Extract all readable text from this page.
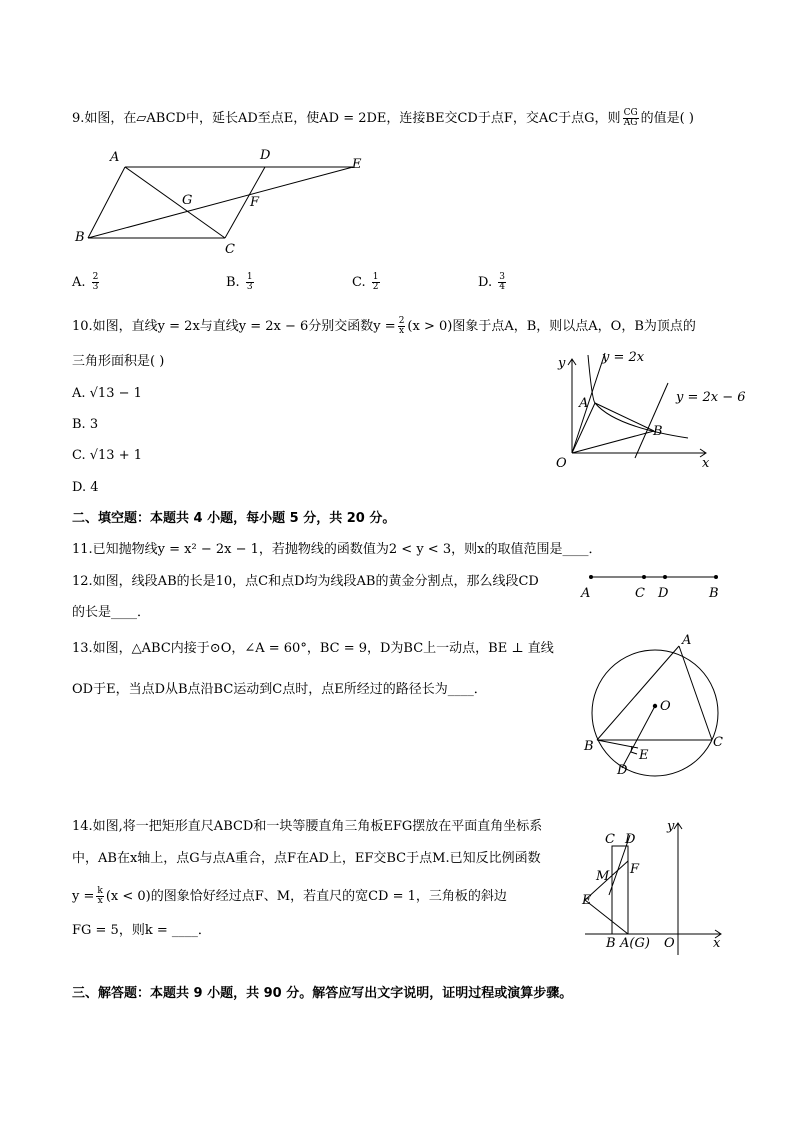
9.如图，在▱ABCD中，延长AD至点E，使AD = 2DE，连接BE交CD于点F，交AC于点G，则 $\frac{CG}{AG}$ 的值是( )
A	D
E
G	F
B
C
A. $\frac{2}{3}$	B. $\frac{1}{3}$	C. $\frac{1}{2}$	D. $\frac{3}{4}$
10.如图，直线y = 2x与直线y = 2x − 6分别交函数$y = \frac{2}{x} (x > 0)$图象于点A，B，则以点A，O，B为顶点的
三角形面积是( )
A. √13 − 1
B. 3
C. √13 + 1
D. 4
y
x
O
A
B
y = 2x
y = 2x − 6
二、填空题：本题共 4 小题，每小题 5 分，共 20 分。
11.已知抛物线y = x² − 2x − 1，若抛物线的函数值为2 < y < 3，则x的取值范围是____．
12.如图，线段AB的长是10，点C和点D均为线段AB的黄金分割点，那么线段CD
的长是____．
A	C D	B
13.如图，△ABC内接于⊙O，∠A = 60°，BC = 9，D为BC上一动点，BE ⊥ 直线
OD于E，当点D从B点沿BC运动到C点时，点E所经过的路径长为____．
A
O
B	C
E
D
14.如图,将一把矩形直尺ABCD和一块等腰直角三角板EFG摆放在平面直角坐标系
中，AB在x轴上，点G与点A重合，点F在AD上，EF交BC于点M.已知反比例函数
$y = \frac{k}{x} (x < 0)$的图象恰好经过点F、M，若直尺的宽CD = 1，三角板的斜边
FG = 5，则k = ____．
C D
y
F
M
E
B A(G) O	x
三、解答题：本题共 9 小题，共 90 分。解答应写出文字说明，证明过程或演算步骤。
